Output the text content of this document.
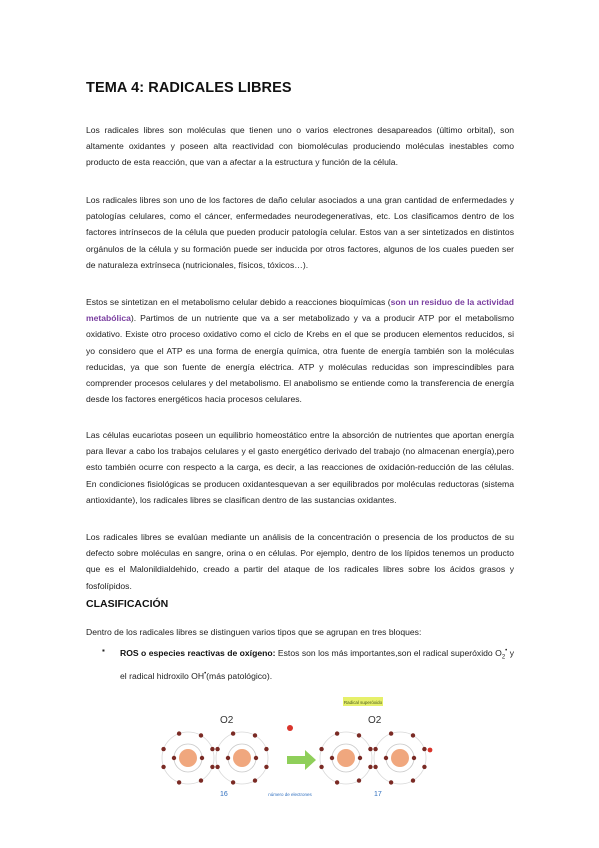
TEMA 4: RADICALES LIBRES
Los radicales libres son moléculas que tienen uno o varios electrones desapareados (último orbital), son altamente oxidantes y poseen alta reactividad con biomoléculas produciendo moléculas inestables como producto de esta reacción, que van a afectar a la estructura y función de la célula.
Los radicales libres son uno de los factores de daño celular asociados a una gran cantidad de enfermedades y patologías celulares, como el cáncer, enfermedades neurodegenerativas, etc. Los clasificamos dentro de los factores intrínsecos de la célula que pueden producir patología celular. Estos van a ser sintetizados en distintos orgánulos de la célula y su formación puede ser inducida por otros factores, algunos de los cuales pueden ser de naturaleza extrínseca (nutricionales, físicos, tóxicos…).
Estos se sintetizan en el metabolismo celular debido a reacciones bioquímicas (son un residuo de la actividad metabólica). Partimos de un nutriente que va a ser metabolizado y va a producir ATP por el metabolismo oxidativo. Existe otro proceso oxidativo como el ciclo de Krebs en el que se producen elementos reducidos, si yo considero que el ATP es una forma de energía química, otra fuente de energía también son la moléculas reducidas, ya que son fuente de energía eléctrica. ATP y moléculas reducidas son imprescindibles para comprender procesos celulares y del metabolismo. El anabolismo se entiende como la transferencia de energía desde los factores energéticos hacia procesos celulares.
Las células eucariotas poseen un equilibrio homeostático entre la absorción de nutrientes que aportan energía para llevar a cabo los trabajos celulares y el gasto energético derivado del trabajo (no almacenan energía),pero esto también ocurre con respecto a la carga, es decir, a las reacciones de oxidación-reducción de las células. En condiciones fisiológicas se producen oxidantesquevan a ser equilibrados por moléculas reductoras (sistema antioxidante), los radicales libres se clasifican dentro de las sustancias oxidantes.
Los radicales libres se evalúan mediante un análisis de la concentración o presencia de los productos de su defecto sobre moléculas en sangre, orina o en células. Por ejemplo, dentro de los lípidos tenemos un producto que es el Malonildialdehido, creado a partir del ataque de los radicales libres sobre los ácidos grasos y fosfolípidos.
CLASIFICACIÓN
Dentro de los radicales libres se distinguen varios tipos que se agrupan en tres bloques:
▪ ROS o especies reactivas de oxígeno: Estos son los más importantes,son el radical superóxido $O_2^•$ y el radical hidroxilo OH•(más patológico).
Radical superóxido
O2	O2
16	17
número de electrones
